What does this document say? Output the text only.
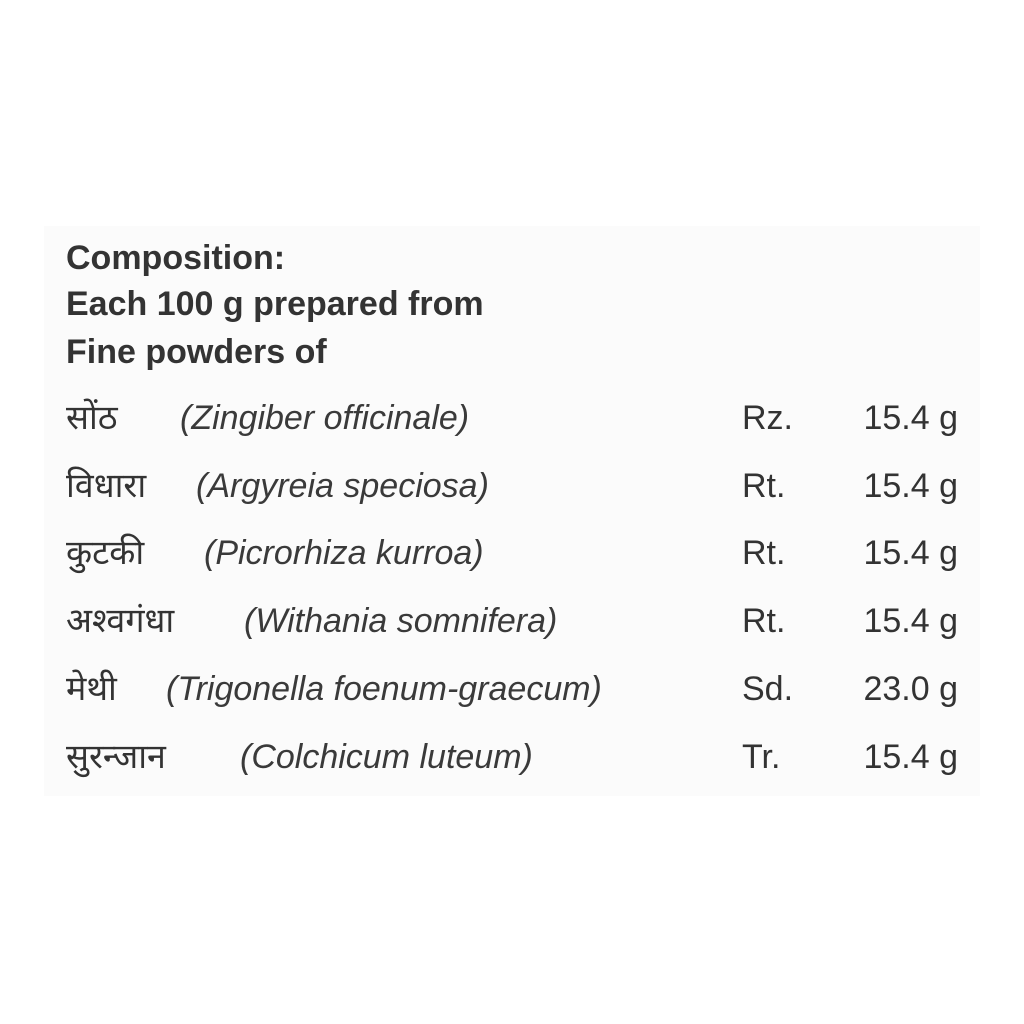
Composition:
Each 100 g prepared from
Fine powders of
सोंठ (Zingiber officinale)	Rz. 15.4 g
विधारा (Argyreia speciosa)	Rt. 15.4 g
कुटकी (Picrorhiza kurroa)	Rt. 15.4 g
अश्वगंधा (Withania somnifera)	Rt. 15.4 g
मेथी (Trigonella foenum-graecum)	Sd. 23.0 g
सुरन्जान (Colchicum luteum)	Tr. 15.4 g
